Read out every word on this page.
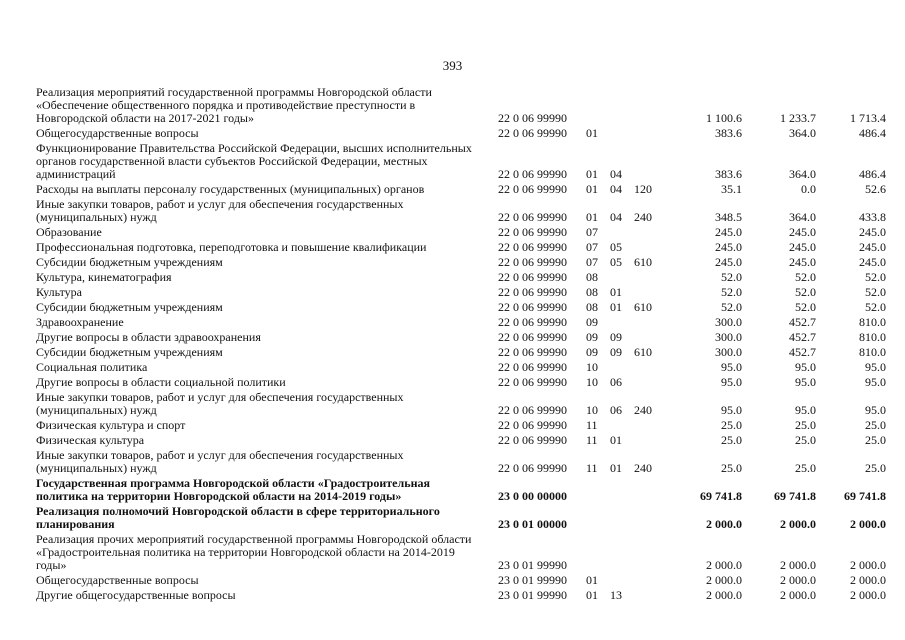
393
Реализация мероприятий государственной программы Новгородской области «Обеспечение общественного порядка и противодействие преступности в Новгородской области на 2017-2021 годы»	22 0 06 99990				1 100.6	1 233.7	1 713.4
Общегосударственные вопросы	22 0 06 99990	01			383.6	364.0	486.4
Функционирование Правительства Российской Федерации, высших исполнительных органов государственной власти субъектов Российской Федерации, местных администраций	22 0 06 99990	01	04		383.6	364.0	486.4
Расходы на выплаты персоналу государственных (муниципальных) органов	22 0 06 99990	01	04	120	35.1	0.0	52.6
Иные закупки товаров, работ и услуг для обеспечения государственных (муниципальных) нужд	22 0 06 99990	01	04	240	348.5	364.0	433.8
Образование	22 0 06 99990	07			245.0	245.0	245.0
Профессиональная подготовка, переподготовка и повышение квалификации	22 0 06 99990	07	05		245.0	245.0	245.0
Субсидии бюджетным учреждениям	22 0 06 99990	07	05	610	245.0	245.0	245.0
Культура, кинематография	22 0 06 99990	08			52.0	52.0	52.0
Культура	22 0 06 99990	08	01		52.0	52.0	52.0
Субсидии бюджетным учреждениям	22 0 06 99990	08	01	610	52.0	52.0	52.0
Здравоохранение	22 0 06 99990	09			300.0	452.7	810.0
Другие вопросы в области здравоохранения	22 0 06 99990	09	09		300.0	452.7	810.0
Субсидии бюджетным учреждениям	22 0 06 99990	09	09	610	300.0	452.7	810.0
Социальная политика	22 0 06 99990	10			95.0	95.0	95.0
Другие вопросы в области социальной политики	22 0 06 99990	10	06		95.0	95.0	95.0
Иные закупки товаров, работ и услуг для обеспечения государственных (муниципальных) нужд	22 0 06 99990	10	06	240	95.0	95.0	95.0
Физическая культура и спорт	22 0 06 99990	11			25.0	25.0	25.0
Физическая культура	22 0 06 99990	11	01		25.0	25.0	25.0
Иные закупки товаров, работ и услуг для обеспечения государственных (муниципальных) нужд	22 0 06 99990	11	01	240	25.0	25.0	25.0
Государственная программа Новгородской области «Градостроительная политика на территории Новгородской области на 2014-2019 годы»	23 0 00 00000				69 741.8	69 741.8	69 741.8
Реализация полномочий Новгородской области в сфере территориального планирования	23 0 01 00000				2 000.0	2 000.0	2 000.0
Реализация прочих мероприятий государственной программы Новгородской области «Градостроительная политика на территории Новгородской области на 2014-2019 годы»	23 0 01 99990				2 000.0	2 000.0	2 000.0
Общегосударственные вопросы	23 0 01 99990	01			2 000.0	2 000.0	2 000.0
Другие общегосударственные вопросы	23 0 01 99990	01	13		2 000.0	2 000.0	2 000.0
